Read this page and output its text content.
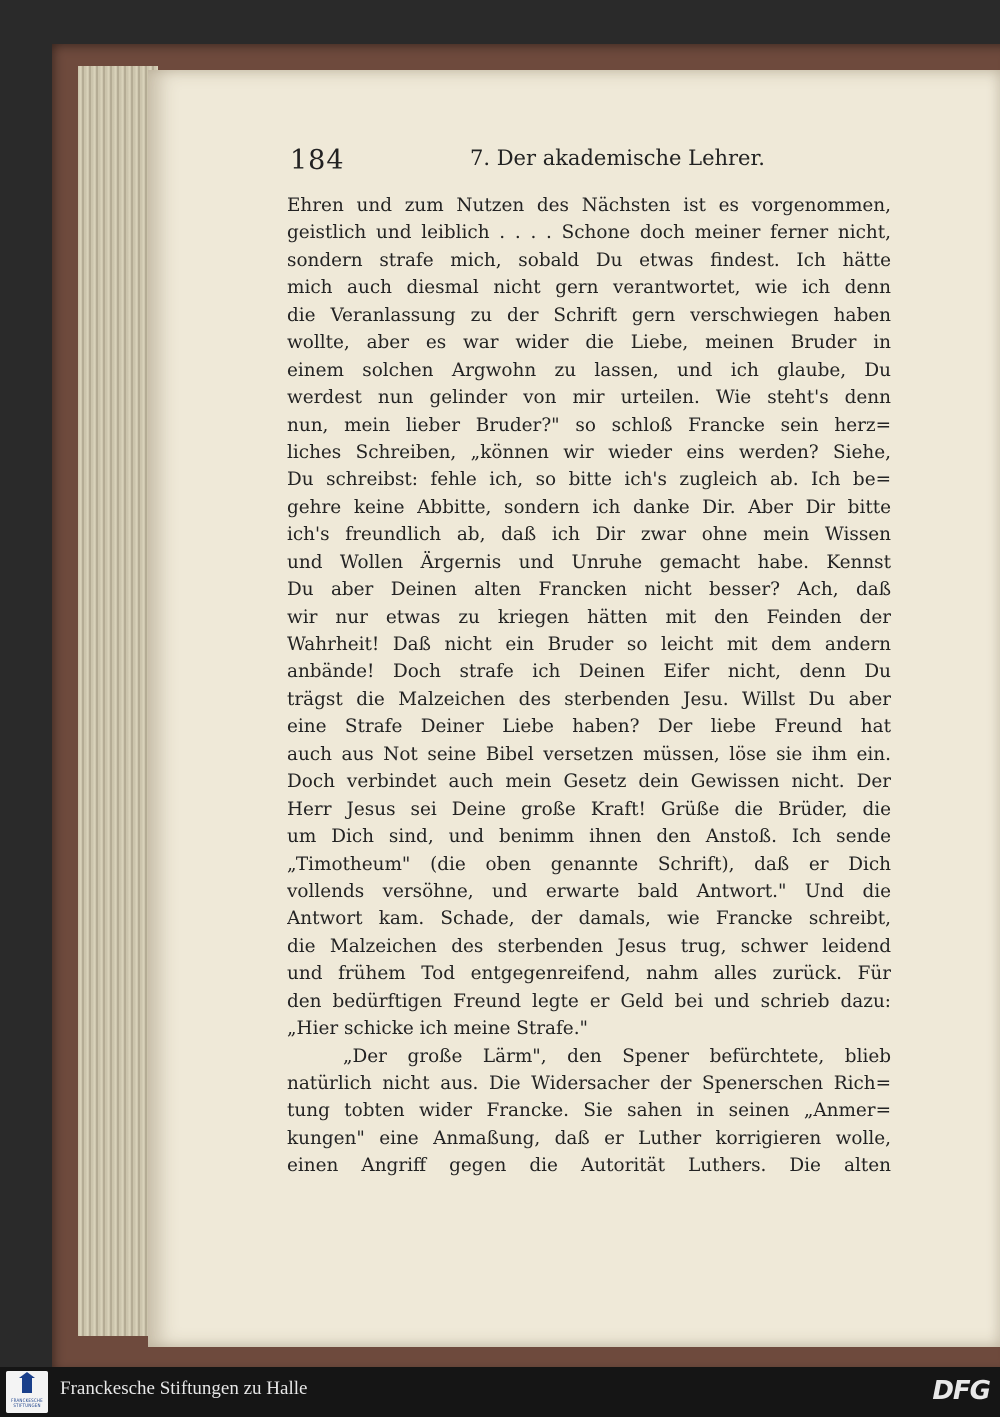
184	7. Der akademische Lehrer.
Ehren und zum Nutzen des Nächsten ist es vorgenommen,
geistlich und leiblich . . . . Schone doch meiner ferner nicht,
sondern strafe mich, sobald Du etwas findest. Ich hätte
mich auch diesmal nicht gern verantwortet, wie ich denn
die Veranlassung zu der Schrift gern verschwiegen haben
wollte, aber es war wider die Liebe, meinen Bruder in
einem solchen Argwohn zu lassen, und ich glaube, Du
werdest nun gelinder von mir urteilen. Wie steht's denn
nun, mein lieber Bruder?" so schloß Francke sein herz=
liches Schreiben, „können wir wieder eins werden? Siehe,
Du schreibst: fehle ich, so bitte ich's zugleich ab. Ich be=
gehre keine Abbitte, sondern ich danke Dir. Aber Dir bitte
ich's freundlich ab, daß ich Dir zwar ohne mein Wissen
und Wollen Ärgernis und Unruhe gemacht habe. Kennst
Du aber Deinen alten Francken nicht besser? Ach, daß
wir nur etwas zu kriegen hätten mit den Feinden der
Wahrheit! Daß nicht ein Bruder so leicht mit dem andern
anbände! Doch strafe ich Deinen Eifer nicht, denn Du
trägst die Malzeichen des sterbenden Jesu. Willst Du aber
eine Strafe Deiner Liebe haben? Der liebe Freund hat
auch aus Not seine Bibel versetzen müssen, löse sie ihm ein.
Doch verbindet auch mein Gesetz dein Gewissen nicht. Der
Herr Jesus sei Deine große Kraft! Grüße die Brüder, die
um Dich sind, und benimm ihnen den Anstoß. Ich sende
„Timotheum" (die oben genannte Schrift), daß er Dich
vollends versöhne, und erwarte bald Antwort." Und die
Antwort kam. Schade, der damals, wie Francke schreibt,
die Malzeichen des sterbenden Jesus trug, schwer leidend
und frühem Tod entgegenreifend, nahm alles zurück. Für
den bedürftigen Freund legte er Geld bei und schrieb dazu:
„Hier schicke ich meine Strafe."
„Der große Lärm", den Spener befürchtete, blieb
natürlich nicht aus. Die Widersacher der Spenerschen Rich=
tung tobten wider Francke. Sie sahen in seinen „Anmer=
kungen" eine Anmaßung, daß er Luther korrigieren wolle,
einen Angriff gegen die Autorität Luthers. Die alten
FRANCKESCHE STIFTUNGEN
Franckesche Stiftungen zu Halle	DFG
